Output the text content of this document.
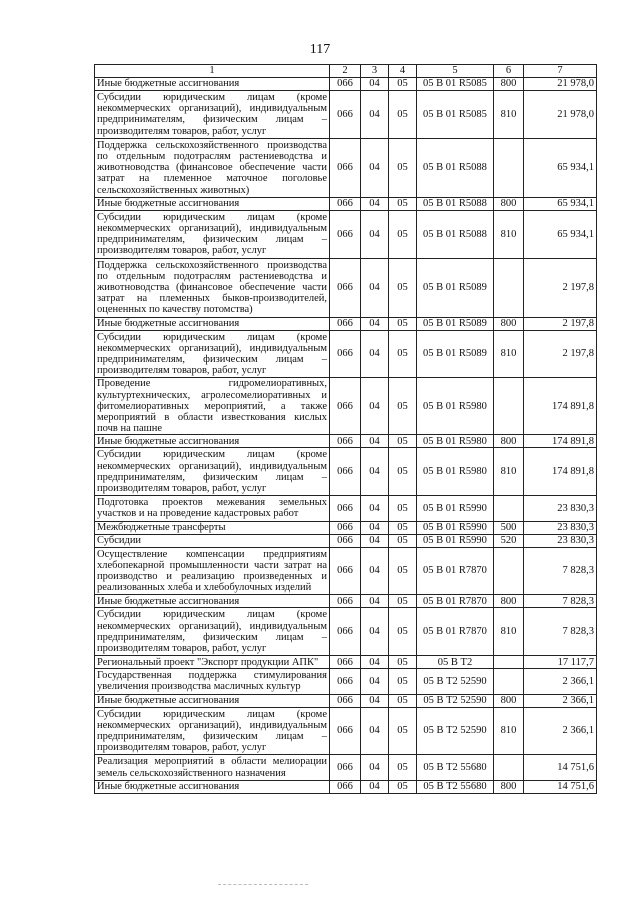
117
1	2	3	4	5	6	7
Иные бюджетные ассигнования	066	04	05	05 В 01 R5085	800	21 978,0
Субсидии юридическим лицам (кроме некоммерческих организаций), индивидуальным предпринимателям, физическим лицам – производителям товаров, работ, услуг	066	04	05	05 В 01 R5085	810	21 978,0
Поддержка сельскохозяйственного производства по отдельным подотраслям растениеводства и животноводства (финансовое обеспечение части затрат на племенное маточное поголовье сельскохозяйственных животных)	066	04	05	05 В 01 R5088		65 934,1
Иные бюджетные ассигнования	066	04	05	05 В 01 R5088	800	65 934,1
Субсидии юридическим лицам (кроме некоммерческих организаций), индивидуальным предпринимателям, физическим лицам – производителям товаров, работ, услуг	066	04	05	05 В 01 R5088	810	65 934,1
Поддержка сельскохозяйственного производства по отдельным подотраслям растениеводства и животноводства (финансовое обеспечение части затрат на племенных быков-производителей, оцененных по качеству потомства)	066	04	05	05 В 01 R5089		2 197,8
Иные бюджетные ассигнования	066	04	05	05 В 01 R5089	800	2 197,8
Субсидии юридическим лицам (кроме некоммерческих организаций), индивидуальным предпринимателям, физическим лицам – производителям товаров, работ, услуг	066	04	05	05 В 01 R5089	810	2 197,8
Проведение гидромелиоративных, культуртехнических, агролесомелиоративных и фитомелиоративных мероприятий, а также мероприятий в области известкования кислых почв на пашне	066	04	05	05 В 01 R5980		174 891,8
Иные бюджетные ассигнования	066	04	05	05 В 01 R5980	800	174 891,8
Субсидии юридическим лицам (кроме некоммерческих организаций), индивидуальным предпринимателям, физическим лицам – производителям товаров, работ, услуг	066	04	05	05 В 01 R5980	810	174 891,8
Подготовка проектов межевания земельных участков и на проведение кадастровых работ	066	04	05	05 В 01 R5990		23 830,3
Межбюджетные трансферты	066	04	05	05 В 01 R5990	500	23 830,3
Субсидии	066	04	05	05 В 01 R5990	520	23 830,3
Осуществление компенсации предприятиям хлебопекарной промышленности части затрат на производство и реализацию произведенных и реализованных хлеба и хлебобулочных изделий	066	04	05	05 В 01 R7870		7 828,3
Иные бюджетные ассигнования	066	04	05	05 В 01 R7870	800	7 828,3
Субсидии юридическим лицам (кроме некоммерческих организаций), индивидуальным предпринимателям, физическим лицам – производителям товаров, работ, услуг	066	04	05	05 В 01 R7870	810	7 828,3
Региональный проект "Экспорт продукции АПК"	066	04	05	05 В Т2		17 117,7
Государственная поддержка стимулирования увеличения производства масличных культур	066	04	05	05 В Т2 52590		2 366,1
Иные бюджетные ассигнования	066	04	05	05 В Т2 52590	800	2 366,1
Субсидии юридическим лицам (кроме некоммерческих организаций), индивидуальным предпринимателям, физическим лицам – производителям товаров, работ, услуг	066	04	05	05 В Т2 52590	810	2 366,1
Реализация мероприятий в области мелиорации земель сельскохозяйственного назначения	066	04	05	05 В Т2 55680		14 751,6
Иные бюджетные ассигнования	066	04	05	05 В Т2 55680	800	14 751,6
